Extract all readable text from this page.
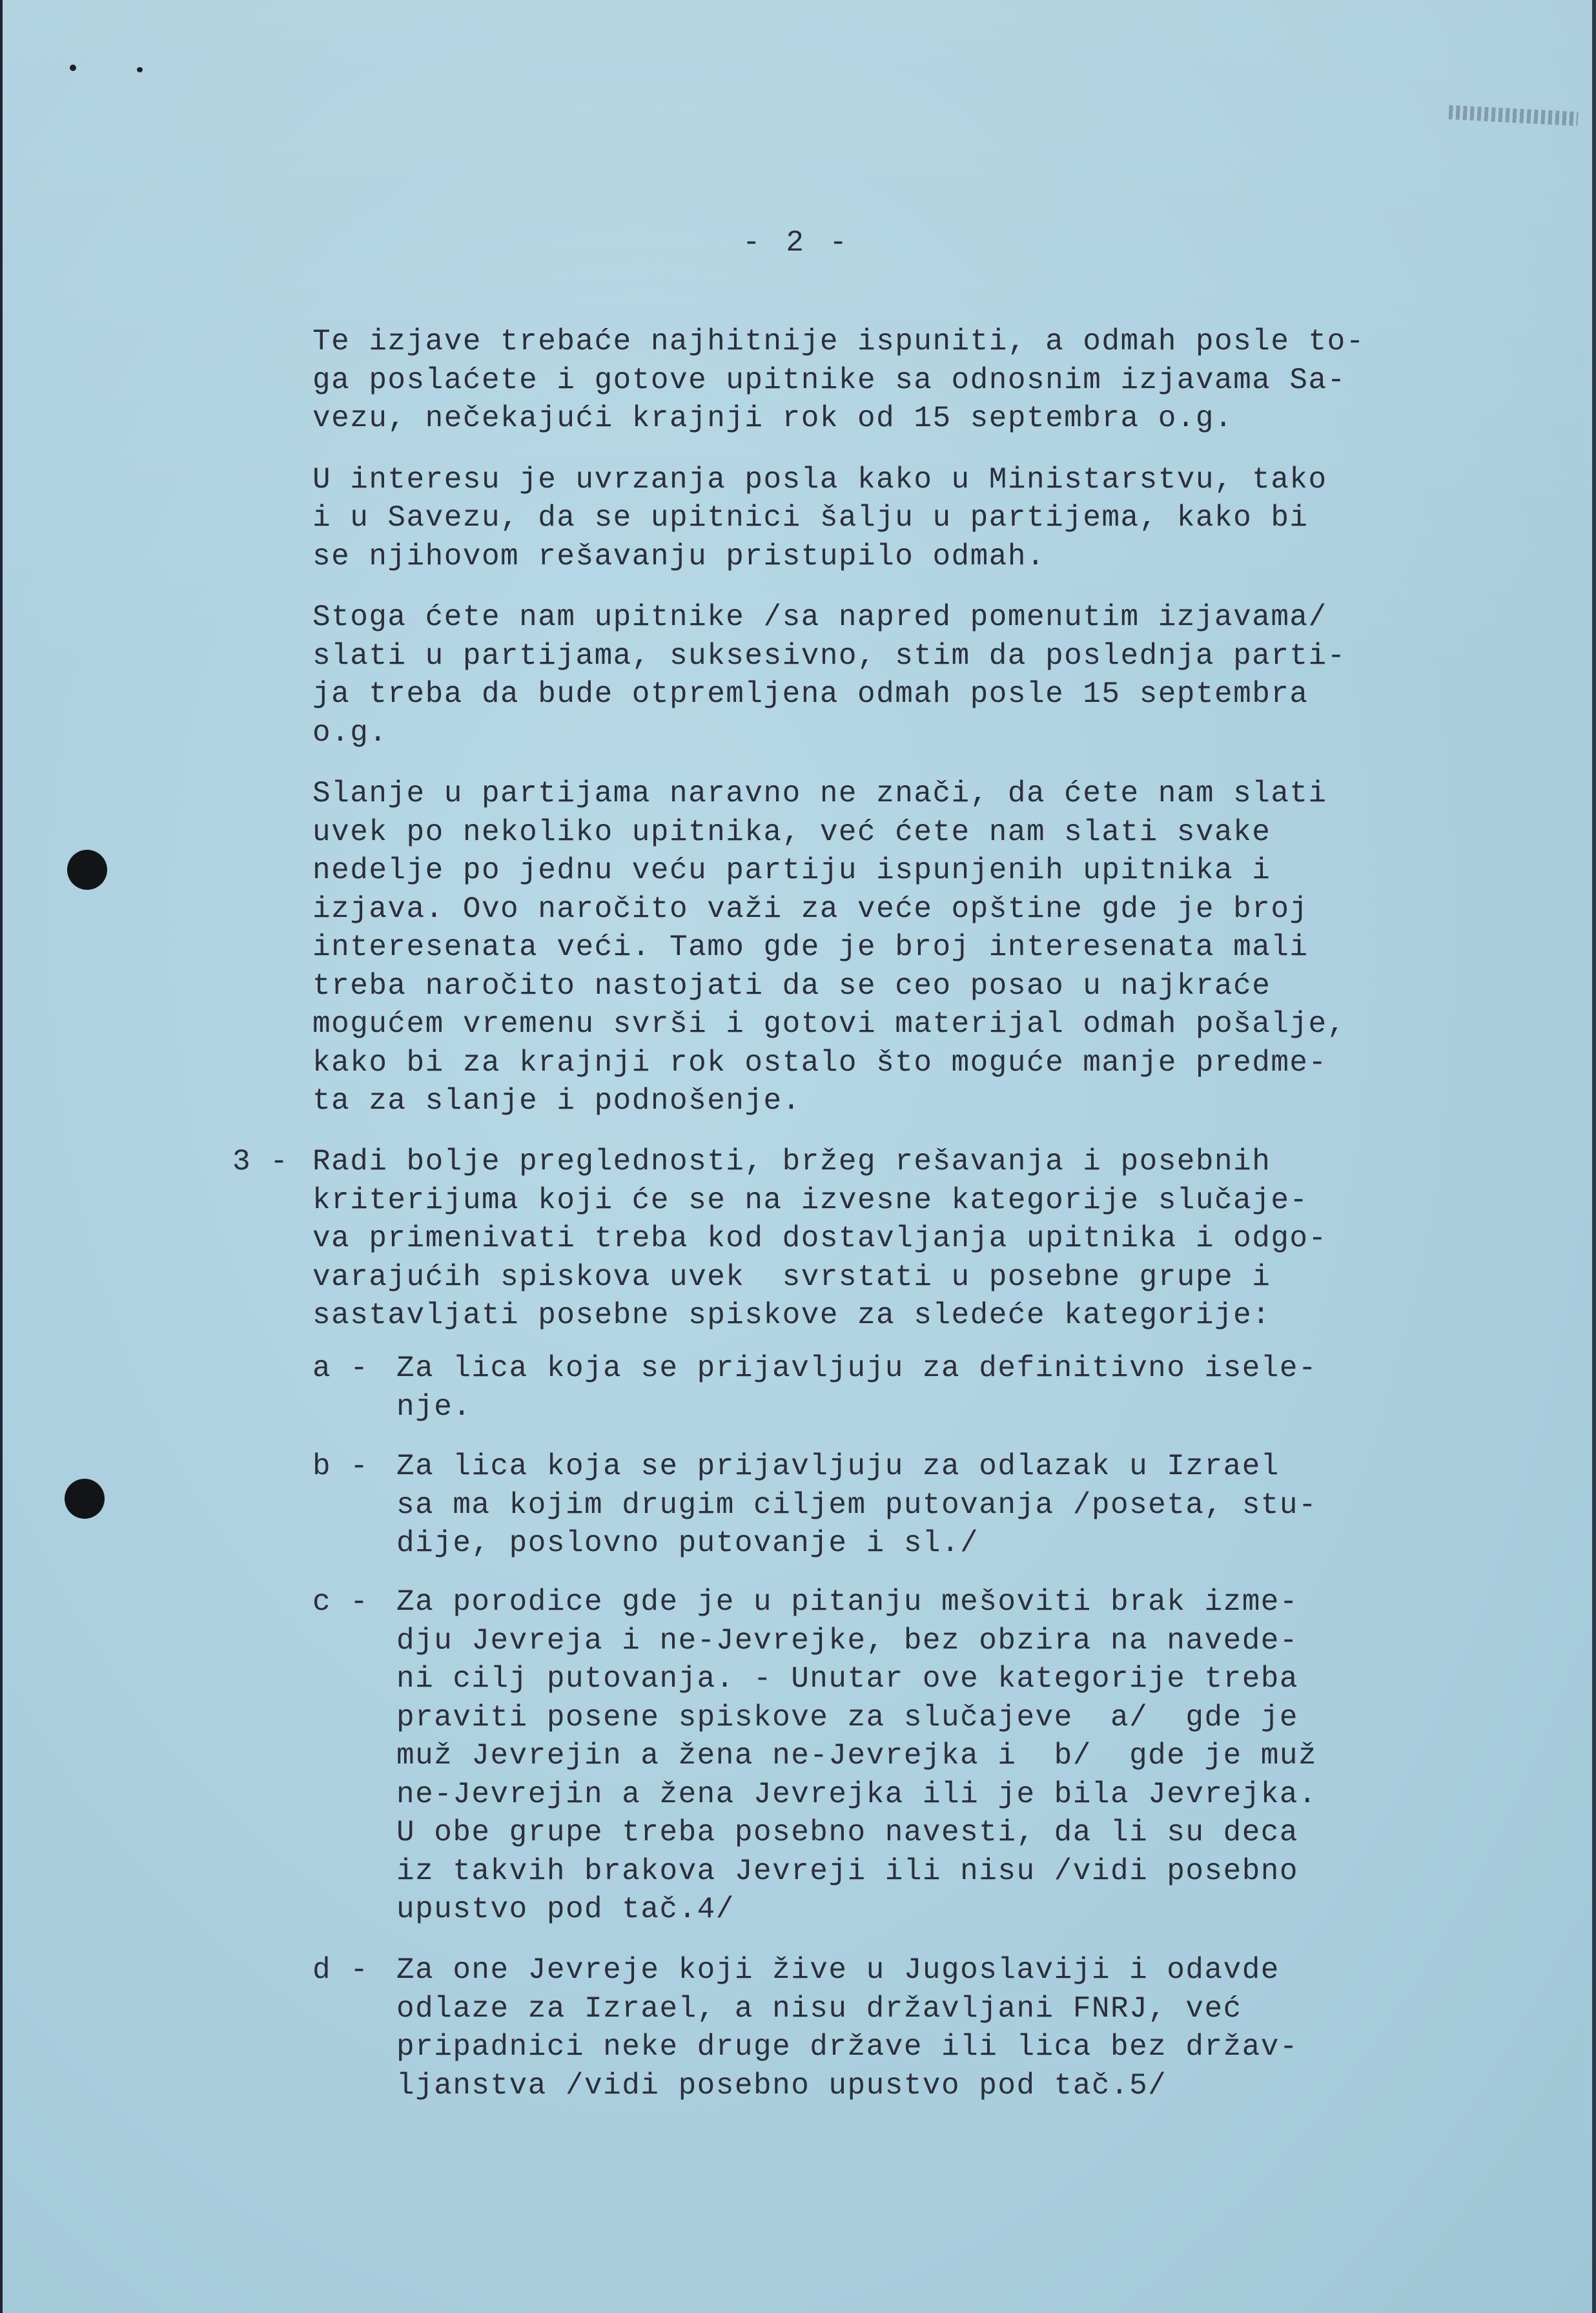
- 2 -
Te izjave trebaće najhitnije ispuniti, a odmah posle to-
ga poslaćete i gotove upitnike sa odnosnim izjavama Sa-
vezu, nečekajući krajnji rok od 15 septembra o.g.
U interesu je uvrzanja posla kako u Ministarstvu, tako
i u Savezu, da se upitnici šalju u partijema, kako bi
se njihovom rešavanju pristupilo odmah.
Stoga ćete nam upitnike /sa napred pomenutim izjavama/
slati u partijama, suksesivno, stim da poslednja parti-
ja treba da bude otpremljena odmah posle 15 septembra
o.g.
Slanje u partijama naravno ne znači, da ćete nam slati
uvek po nekoliko upitnika, već ćete nam slati svake
nedelje po jednu veću partiju ispunjenih upitnika i
izjava. Ovo naročito važi za veće opštine gde je broj
interesenata veći. Tamo gde je broj interesenata mali
treba naročito nastojati da se ceo posao u najkraće
mogućem vremenu svrši i gotovi materijal odmah pošalje,
kako bi za krajnji rok ostalo što moguće manje predme-
ta za slanje i podnošenje.
3 - Radi bolje preglednosti, bržeg rešavanja i posebnih
kriterijuma koji će se na izvesne kategorije slučaje-
va primenivati treba kod dostavljanja upitnika i odgo-
varajućih spiskova uvek  svrstati u posebne grupe i
sastavljati posebne spiskove za sledeće kategorije:
a - Za lica koja se prijavljuju za definitivno isele-
nje.
b - Za lica koja se prijavljuju za odlazak u Izrael
sa ma kojim drugim ciljem putovanja /poseta, stu-
dije, poslovno putovanje i sl./
c - Za porodice gde je u pitanju mešoviti brak izme-
dju Jevreja i ne-Jevrejke, bez obzira na navede-
ni cilj putovanja. - Unutar ove kategorije treba
praviti posene spiskove za slučajeve  a/  gde je
muž Jevrejin a žena ne-Jevrejka i  b/  gde je muž
ne-Jevrejin a žena Jevrejka ili je bila Jevrejka.
U obe grupe treba posebno navesti, da li su deca
iz takvih brakova Jevreji ili nisu /vidi posebno
upustvo pod tač.4/
d - Za one Jevreje koji žive u Jugoslaviji i odavde
odlaze za Izrael, a nisu državljani FNRJ, već
pripadnici neke druge države ili lica bez držav-
ljanstva /vidi posebno upustvo pod tač.5/
